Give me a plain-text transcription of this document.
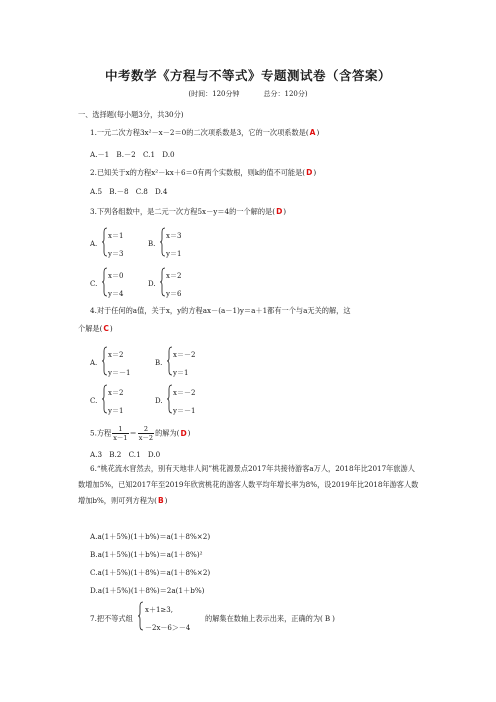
中考数学《方程与不等式》专题测试卷（含答案）
(时间：120分钟	总分：120分)
一、选择题(每小题3分，共30分)
1.一元二次方程3x²－x－2＝0的二次项系数是3，它的一次项系数是(A)
A.－1　B.－2　C.1　D.0
2.已知关于x的方程x²－kx＋6＝0有两个实数根，则k的值不可能是(D)
A.5　B.－8　C.8　D.4
3.下列各组数中，是二元一次方程5x－y＝4的一个解的是(D)
A.
x＝1
y＝3
B.
x＝3
y＝1
C.
x＝0
y＝4
D.
x＝2
y＝6
4.对于任何的a值，关于x，y的方程ax－(a－1)y＝a＋1都有一个与a无关的解，这
个解是(C)
A.
x＝2
y＝－1
B.
x＝－2
y＝1
C.
x＝2
y＝1
D.
x＝－2
y＝－1
5.方程 $\frac{1}{x-1} = \frac{2}{x-2}$ 的解为(D)
A.3　B.2　C.1　D.0
6.“桃花流水窅然去，别有天地非人间”桃花源景点2017年共接待游客a万人，2018年比2017年旅游人数增加5%，已知2017年至2019年欣赏桃花的游客人数平均年增长率为8%，设2019年比2018年游客人数增加b%，则可列方程为(B)
A.a(1＋5%)(1＋b%)＝a(1＋8%×2)
B.a(1＋5%)(1＋b%)＝a(1＋8%)²
C.a(1＋5%)(1＋8%)＝a(1＋8%×2)
D.a(1＋5%)(1＋8%)＝2a(1＋b%)
7.把不等式组
x＋1≥3,
－2x－6＞－4
的解集在数轴上表示出来，正确的为( B )
